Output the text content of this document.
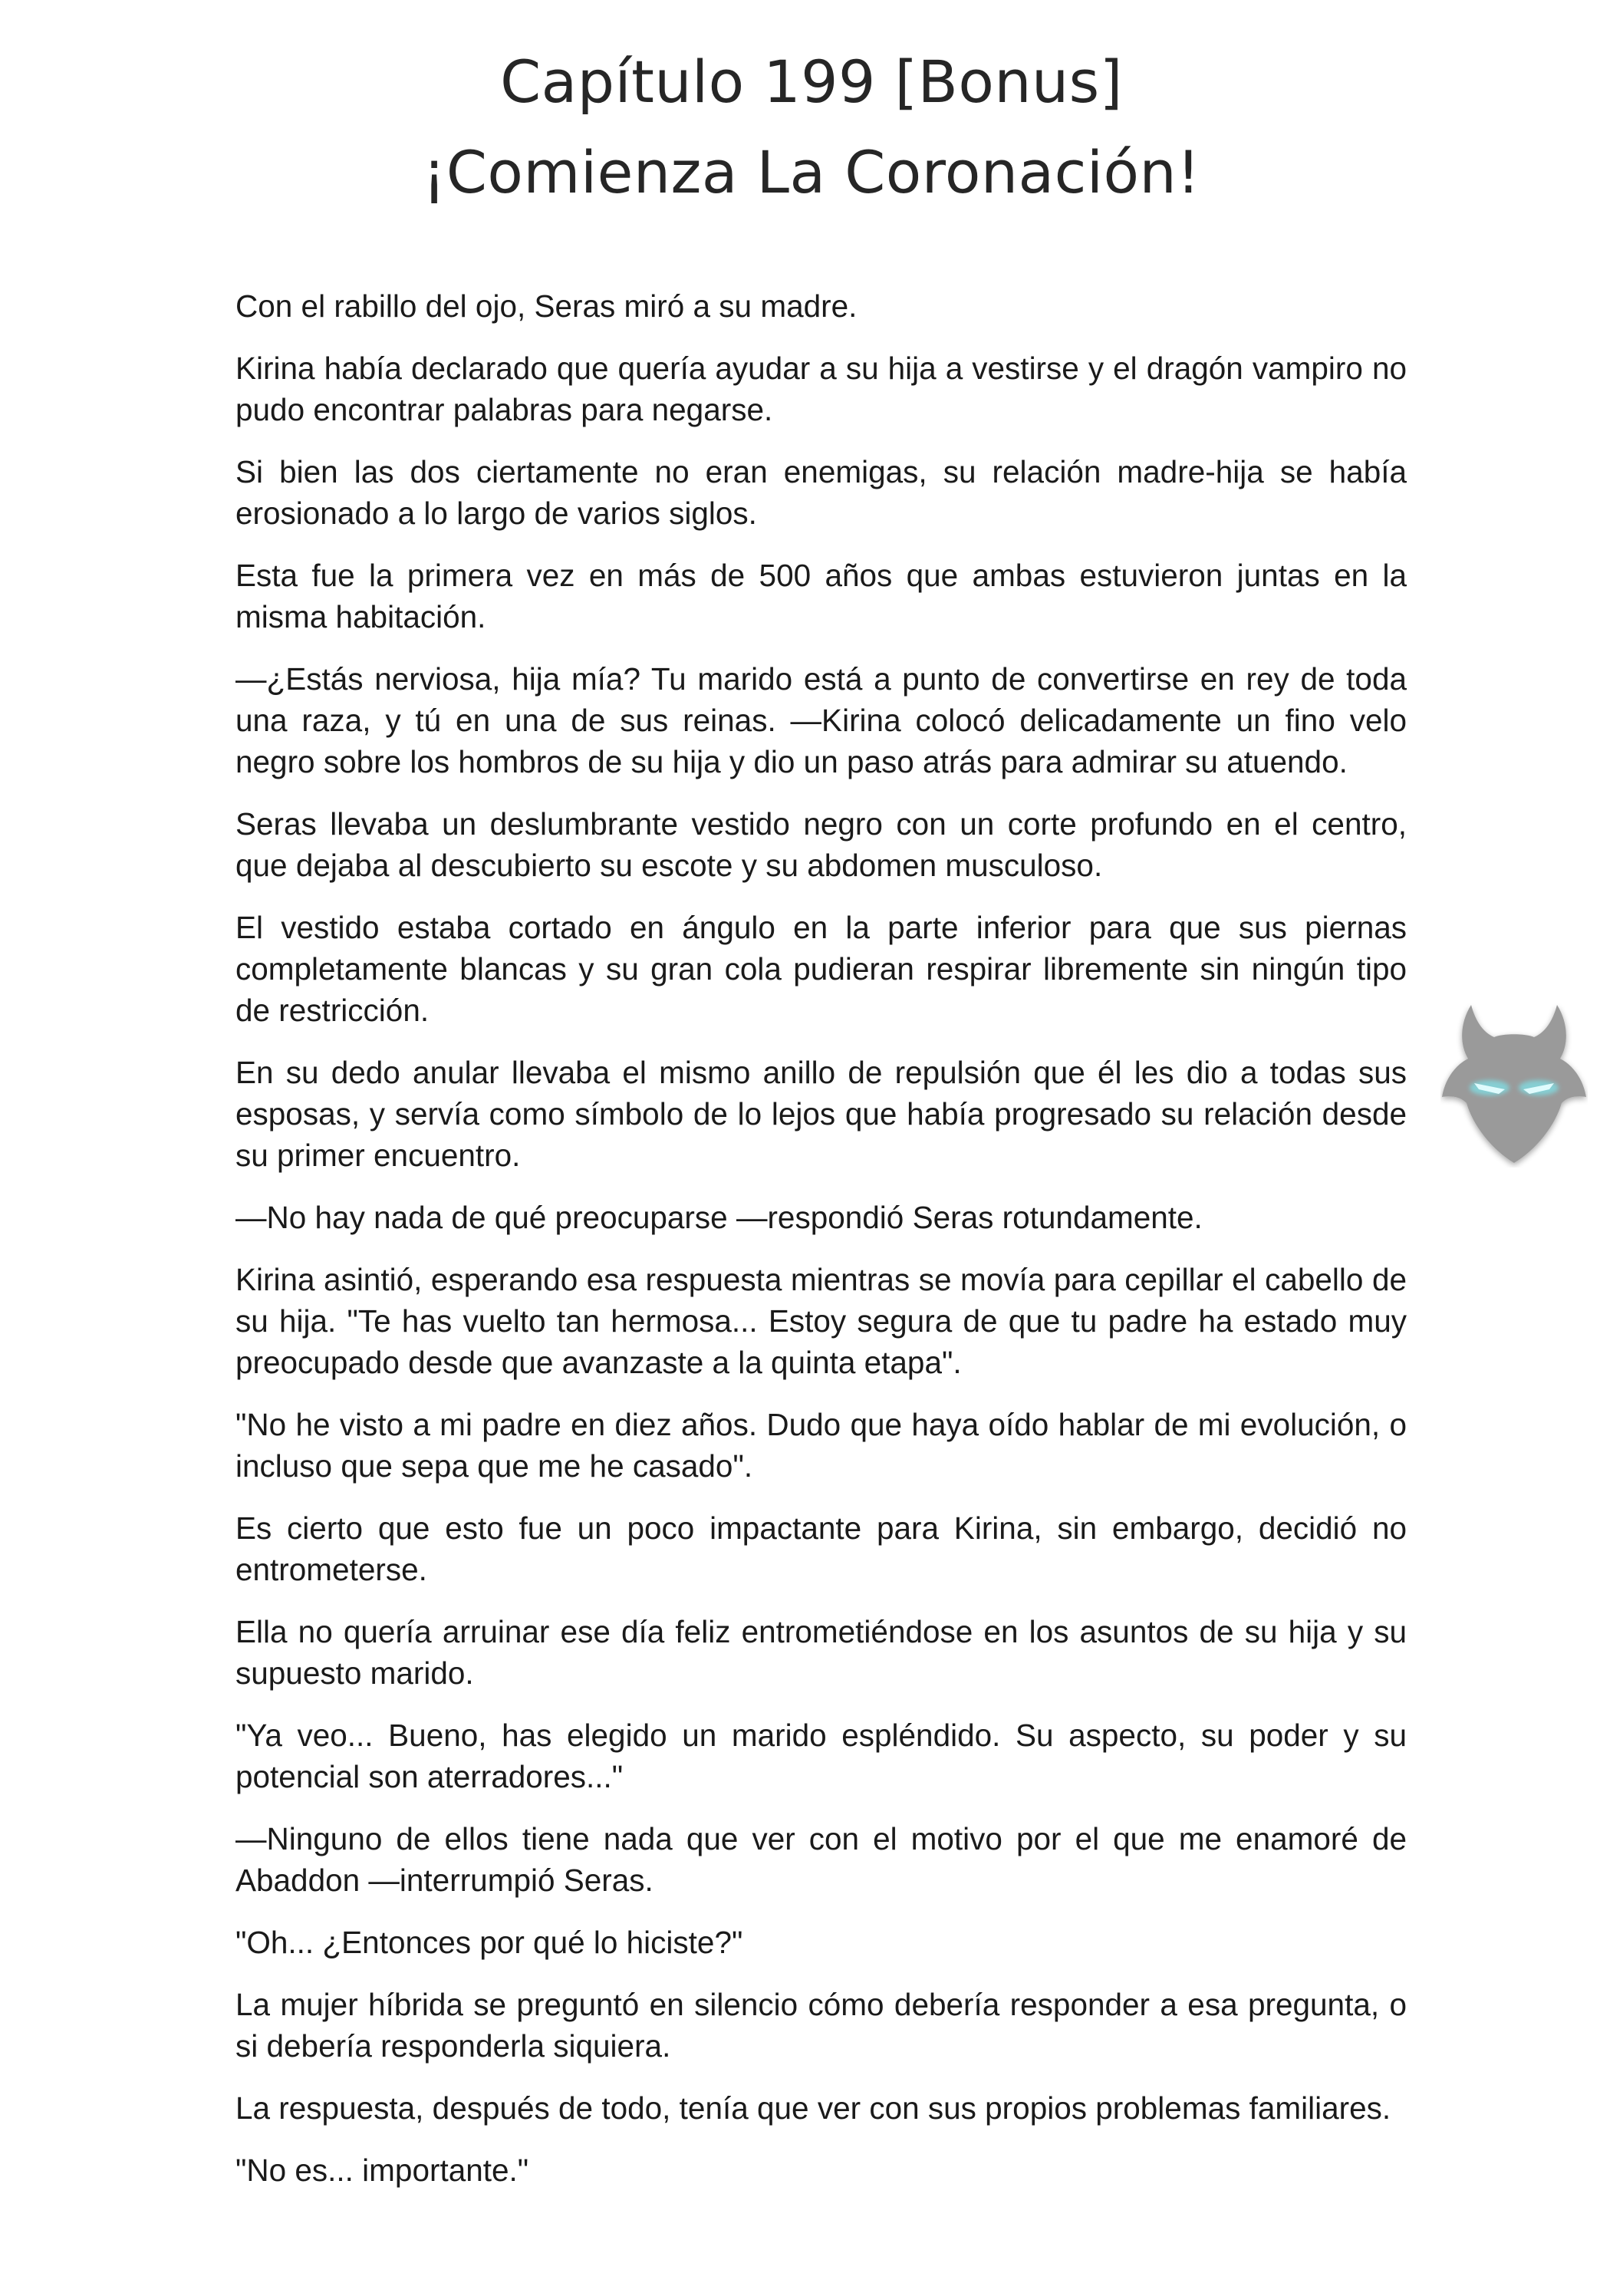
Capítulo 199 [Bonus]
¡Comienza La Coronación!

Con el rabillo del ojo, Seras miró a su madre.

Kirina había declarado que quería ayudar a su hija a vestirse y el dragón vampiro no pudo encontrar palabras para negarse.

Si bien las dos ciertamente no eran enemigas, su relación madre-hija se había erosionado a lo largo de varios siglos.

Esta fue la primera vez en más de 500 años que ambas estuvieron juntas en la misma habitación.

—¿Estás nerviosa, hija mía? Tu marido está a punto de convertirse en rey de toda una raza, y tú en una de sus reinas. —Kirina colocó delicadamente un fino velo negro sobre los hombros de su hija y dio un paso atrás para admirar su atuendo.

Seras llevaba un deslumbrante vestido negro con un corte profundo en el centro, que dejaba al descubierto su escote y su abdomen musculoso.

El vestido estaba cortado en ángulo en la parte inferior para que sus piernas completamente blancas y su gran cola pudieran respirar libremente sin ningún tipo de restricción.

En su dedo anular llevaba el mismo anillo de repulsión que él les dio a todas sus esposas, y servía como símbolo de lo lejos que había progresado su relación desde su primer encuentro.

—No hay nada de qué preocuparse —respondió Seras rotundamente.

Kirina asintió, esperando esa respuesta mientras se movía para cepillar el cabello de su hija. "Te has vuelto tan hermosa... Estoy segura de que tu padre ha estado muy preocupado desde que avanzaste a la quinta etapa".

"No he visto a mi padre en diez años. Dudo que haya oído hablar de mi evolución, o incluso que sepa que me he casado".

Es cierto que esto fue un poco impactante para Kirina, sin embargo, decidió no entrometerse.

Ella no quería arruinar ese día feliz entrometiéndose en los asuntos de su hija y su supuesto marido.

"Ya veo... Bueno, has elegido un marido espléndido. Su aspecto, su poder y su potencial son aterradores..."

—Ninguno de ellos tiene nada que ver con el motivo por el que me enamoré de Abaddon —interrumpió Seras.

"Oh... ¿Entonces por qué lo hiciste?"

La mujer híbrida se preguntó en silencio cómo debería responder a esa pregunta, o si debería responderla siquiera.

La respuesta, después de todo, tenía que ver con sus propios problemas familiares.

"No es... importante."
